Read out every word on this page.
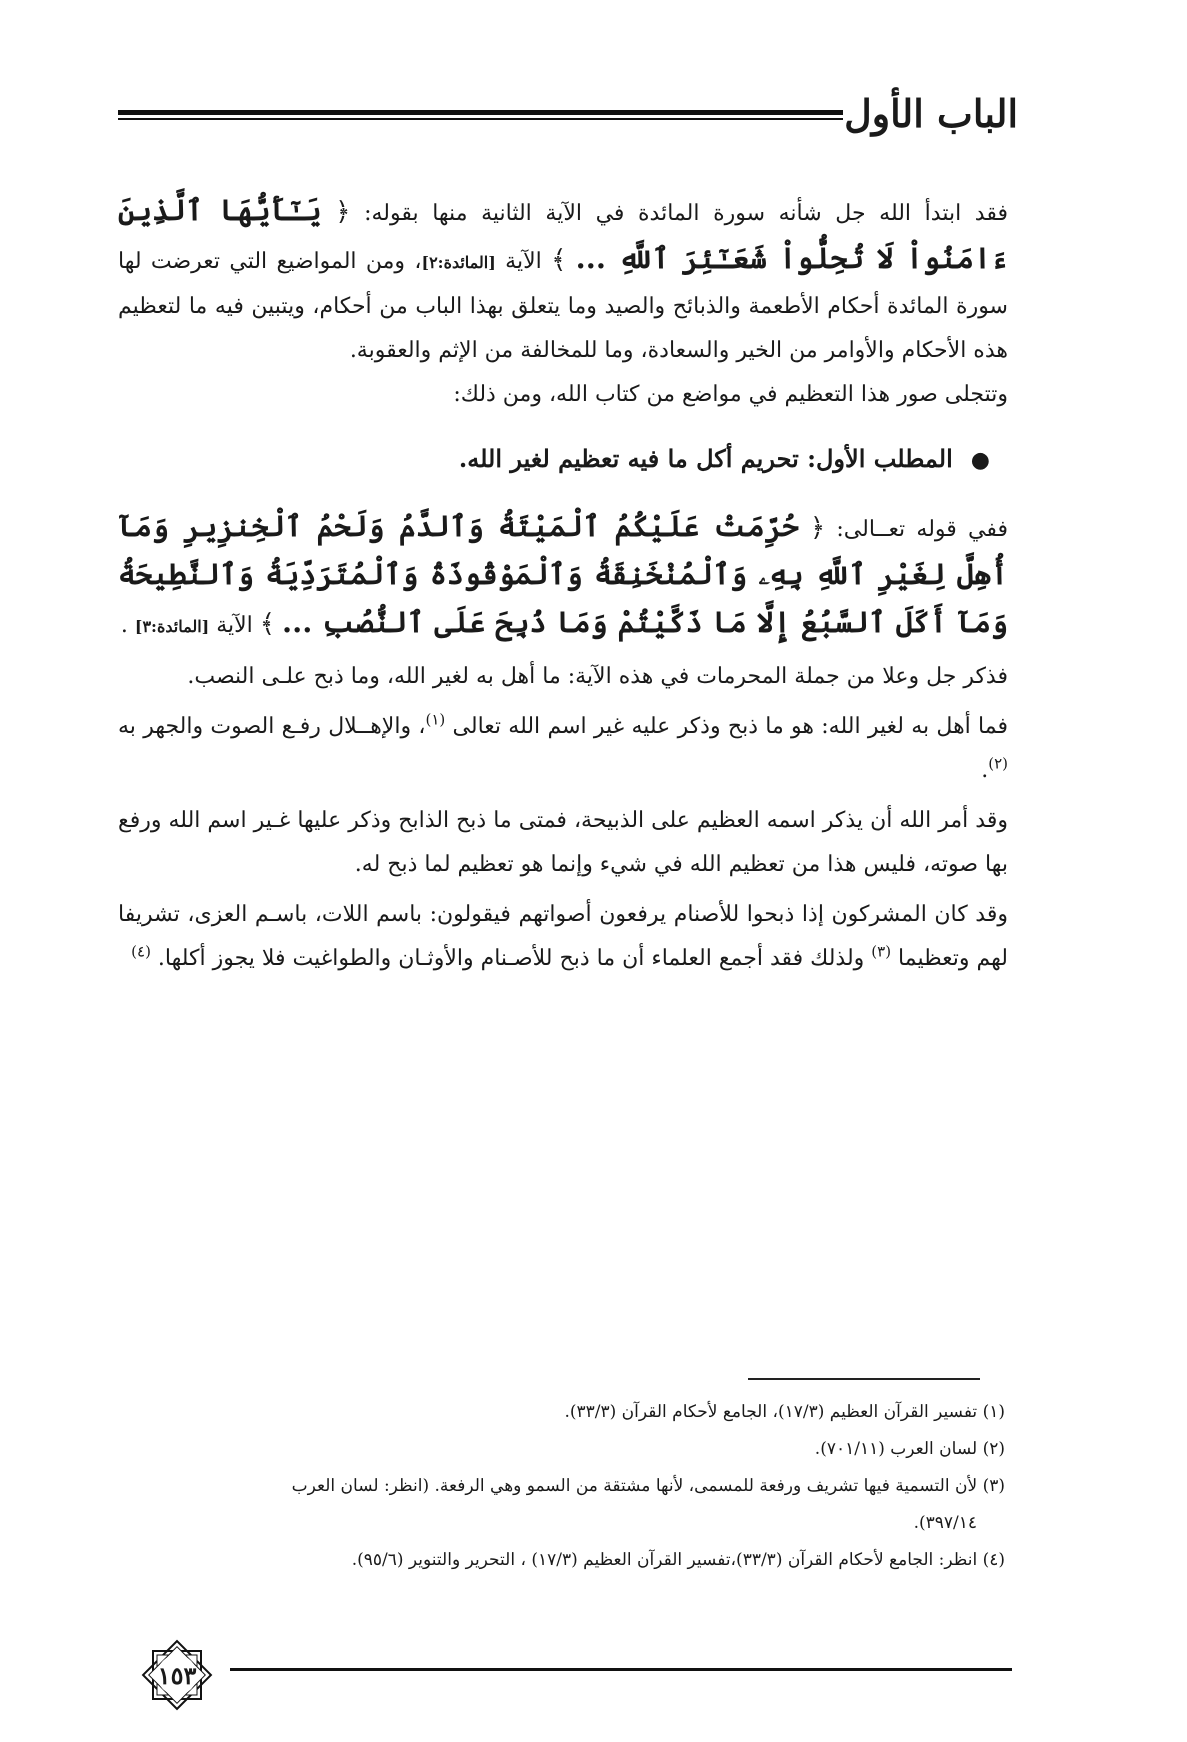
الباب الأول

فقد ابتدأ الله جل شأنه سورة المائدة في الآية الثانية منها بقوله: ﴿ يَـٰٓأَيُّهَا ٱلَّذِينَ ءَامَنُواْ لَا تُحِلُّواْ شَعَـٰٓئِرَ ٱللَّهِ ... ﴾ الآية [المائدة:٢]، ومن المواضيع التي تعرضت لها سورة المائدة أحكام الأطعمة والذبائح والصيد وما يتعلق بهذا الباب من أحكام، ويتبين فيه ما لتعظيم هذه الأحكام والأوامر من الخير والسعادة، وما للمخالفة من الإثم والعقوبة.

وتتجلى صور هذا التعظيم في مواضع من كتاب الله، ومن ذلك:

●المطلب الأول: تحريم أكل ما فيه تعظيم لغير الله.

ففي قوله تعــالى: ﴿ حُرِّمَتْ عَلَيْكُمُ ٱلْمَيْتَةُ وَٱلدَّمُ وَلَحْمُ ٱلْخِنزِيرِ وَمَآ أُهِلَّ لِغَيْرِ ٱللَّهِ بِهِۦ وَٱلْمُنْخَنِقَةُ وَٱلْمَوْقُوذَةُ وَٱلْمُتَرَدِّيَةُ وَٱلنَّطِيحَةُ وَمَآ أَكَلَ ٱلسَّبُعُ إِلَّا مَا ذَكَّيْتُمْ وَمَا ذُبِحَ عَلَى ٱلنُّصُبِ ... ﴾ الآية [المائدة:٣] .

فذكر جل وعلا من جملة المحرمات في هذه الآية: ما أهل به لغير الله، وما ذبح علـى النصب.

فما أهل به لغير الله: هو ما ذبح وذكر عليه غير اسم الله تعالى $^{(١)}$، والإهــلال رفـع الصوت والجهر به $^{(٢)}$.

وقد أمر الله أن يذكر اسمه العظيم على الذبيحة، فمتى ما ذبح الذابح وذكر عليها غـير اسم الله ورفع بها صوته، فليس هذا من تعظيم الله في شيء وإنما هو تعظيم لما ذبح له.

وقد كان المشركون إذا ذبحوا للأصنام يرفعون أصواتهم فيقولون: باسم اللات، باسـم العزى، تشريفا لهم وتعظيما $^{(٣)}$ ولذلك فقد أجمع العلماء أن ما ذبح للأصـنام والأوثـان والطواغيت فلا يجوز أكلها. $^{(٤)}$

(١) تفسير القرآن العظيم (١٧/٣)، الجامع لأحكام القرآن (٣٣/٣).

(٢) لسان العرب (٧٠١/١١).

(٣) لأن التسمية فيها تشريف ورفعة للمسمى، لأنها مشتقة من السمو وهي الرفعة. (انظر: لسان العرب

٣٩٧/١٤).

(٤) انظر: الجامع لأحكام القرآن (٣٣/٣)،تفسير القرآن العظيم (١٧/٣) ، التحرير والتنوير (٩٥/٦).

١٥٣
